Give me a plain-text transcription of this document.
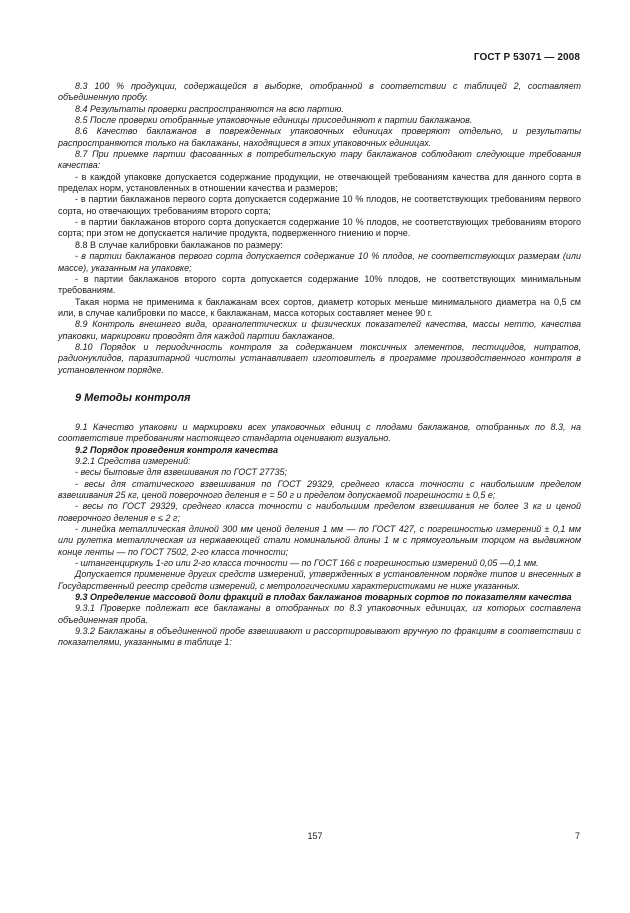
ГОСТ Р 53071 — 2008

8.3 100 % продукции, содержащейся в выборке, отобранной в соответствии с таблицей 2, составляет объединенную пробу.

8.4 Результаты проверки распространяются на всю партию.

8.5 После проверки отобранные упаковочные единицы присоединяют к партии баклажанов.

8.6 Качество баклажанов в поврежденных упаковочных единицах проверяют отдельно, и результаты распространяются только на баклажаны, находящиеся в этих упаковочных единицах.

8.7 При приемке партии фасованных в потребительскую тару баклажанов соблюдают следующие требования качества:

- в каждой упаковке допускается содержание продукции, не отвечающей требованиям качества для данного сорта в пределах норм, установленных в отношении качества и размеров;

- в партии баклажанов первого сорта допускается содержание 10 % плодов, не соответствующих требованиям первого сорта, но отвечающих требованиям второго сорта;

- в партии баклажанов второго сорта допускается содержание 10 % плодов, не соответствующих требованиям второго сорта; при этом не допускается наличие продукта, подверженного гниению и порче.

8.8 В случае калибровки баклажанов по размеру:

- в партии баклажанов первого сорта допускается содержание 10 % плодов, не соответствующих размерам (или массе), указанным на упаковке;

- в партии баклажанов второго сорта допускается содержание 10% плодов, не соответствующих минимальным требованиям.

Такая норма не применима к баклажанам всех сортов, диаметр которых меньше минимального диаметра на 0,5 см или, в случае калибровки по массе, к баклажанам, масса которых составляет менее 90 г.

8.9 Контроль внешнего вида, органолептических и физических показателей качества, массы нетто, качества упаковки, маркировки проводят для каждой партии баклажанов.

8.10 Порядок и периодичность контроля за содержанием токсичных элементов, пестицидов, нитратов, радионуклидов, паразитарной чистоты устанавливает изготовитель в программе производственного контроля в установленном порядке.

9 Методы контроля

9.1 Качество упаковки и маркировки всех упаковочных единиц с плодами баклажанов, отобранных по 8.3, на соответствие требованиям настоящего стандарта оценивают визуально.

9.2 Порядок проведения контроля качества

9.2.1 Средства измерений:

- весы бытовые для взвешивания по ГОСТ 27735;

- весы для статического взвешивания по ГОСТ 29329, среднего класса точности с наибольшим пределом взвешивания 25 кг, ценой поверочного деления е = 50 г и пределом допускаемой погрешности ± 0,5 е;

- весы по ГОСТ 29329, среднего класса точности с наибольшим пределом взвешивания не более 3 кг и ценой поверочного деления е ≤ 2 г;

- линейка металлическая длиной 300 мм ценой деления 1 мм — по ГОСТ 427, с погрешностью измерений ± 0,1 мм или рулетка металлическая из нержавеющей стали номинальной длины 1 м с прямоугольным торцом на выдвижном конце ленты — по ГОСТ 7502, 2-го класса точности;

- штангенциркуль 1-го или 2-го класса точности — по ГОСТ 166 с погрешностью измерений 0,05 —0,1 мм.

Допускается применение других средств измерений, утвержденных в установленном порядке типов и внесенных в Государственный реестр средств измерений, с метрологическими характеристиками не ниже указанных.

9.3 Определение массовой доли фракций в плодах баклажанов товарных сортов по показателям качества

9.3.1 Проверке подлежат все баклажаны в отобранных по 8.3 упаковочных единицах, из которых составлена объединенная проба.

9.3.2 Баклажаны в объединенной пробе взвешивают и рассортировывают вручную по фракциям в соответствии с показателями, указанными в таблице 1:

157	7
